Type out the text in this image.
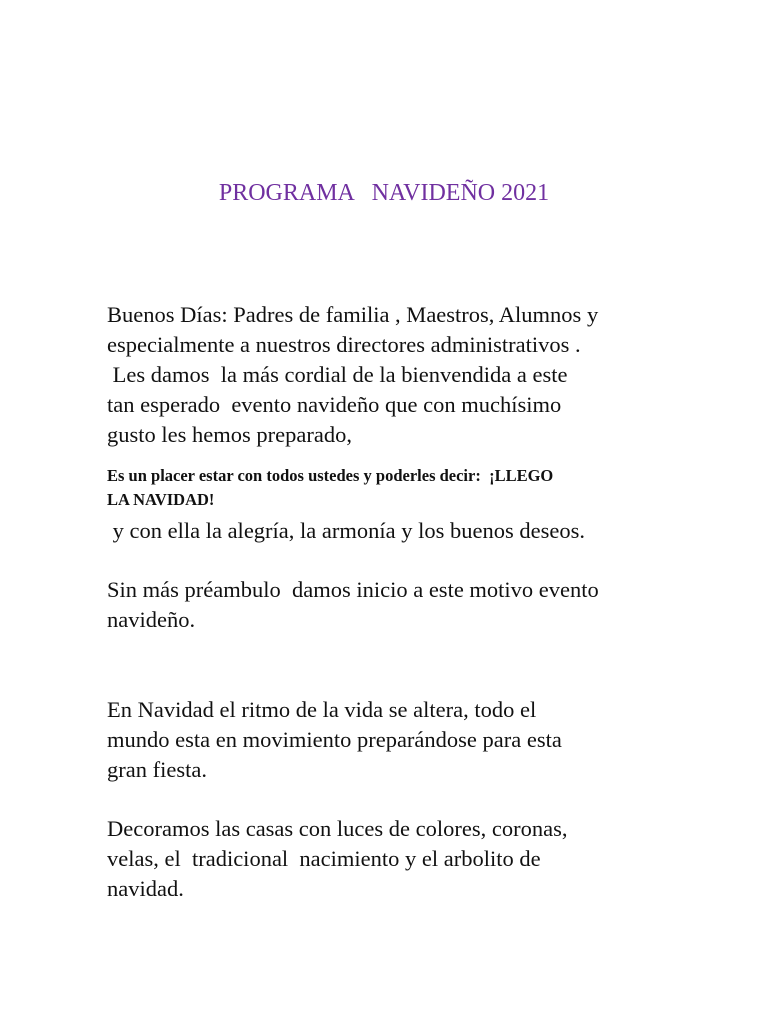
PROGRAMA   NAVIDEÑO 2021
Buenos Días: Padres de familia , Maestros, Alumnos y
especialmente a nuestros directores administrativos .
Les damos  la más cordial de la bienvendida a este
tan esperado  evento navideño que con muchísimo
gusto les hemos preparado,
Es un placer estar con todos ustedes y poderles decir:  ¡LLEGO
LA NAVIDAD!
y con ella la alegría, la armonía y los buenos deseos.
Sin más préambulo  damos inicio a este motivo evento
navideño.
En Navidad el ritmo de la vida se altera, todo el
mundo esta en movimiento preparándose para esta
gran fiesta.
Decoramos las casas con luces de colores, coronas,
velas, el  tradicional  nacimiento y el arbolito de
navidad.
